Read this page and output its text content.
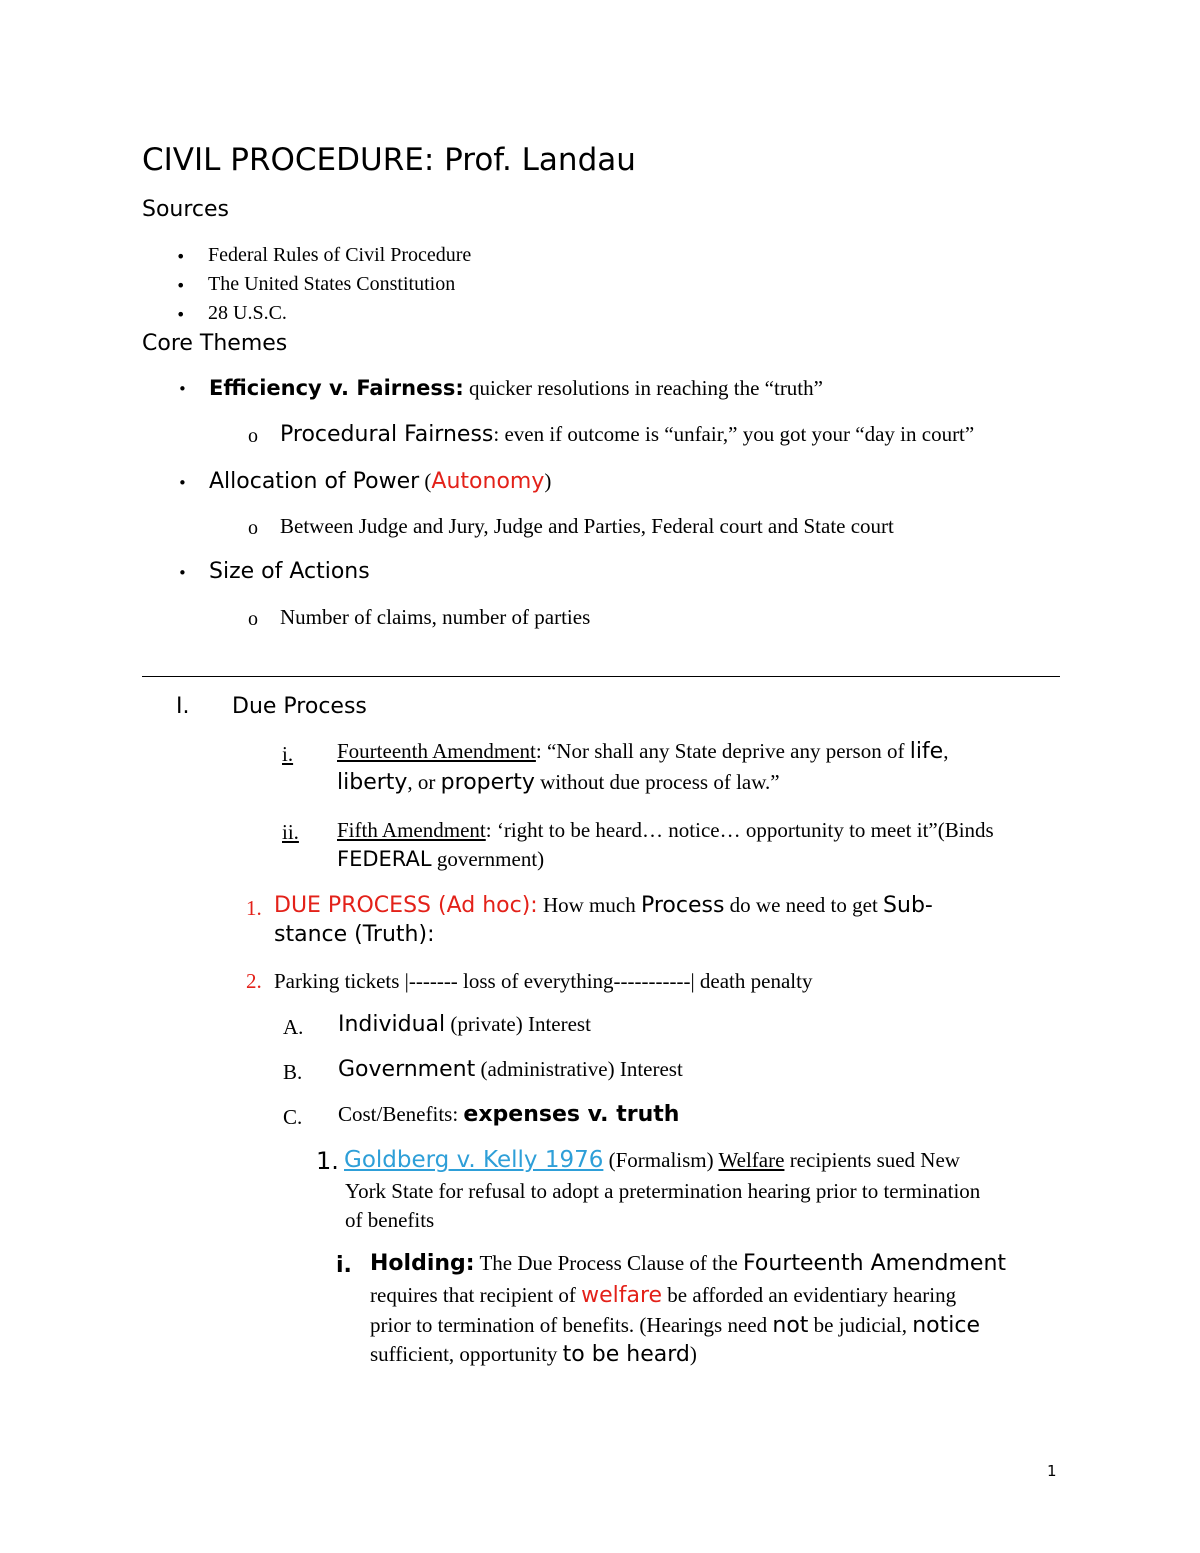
CIVIL PROCEDURE: Prof. Landau
Sources
• Federal Rules of Civil Procedure
• The United States Constitution
• 28 U.S.C.
Core Themes
• Efficiency v. Fairness: quicker resolutions in reaching the “truth”
o Procedural Fairness: even if outcome is “unfair,” you got your “day in court”
• Allocation of Power (Autonomy)
o Between Judge and Jury, Judge and Parties, Federal court and State court
• Size of Actions
o Number of claims, number of parties
I. Due Process
i.	Fourteenth Amendment: “Nor shall any State deprive any person of life,
liberty, or property without due process of law.”
ii.	Fifth Amendment: ‘right to be heard… notice… opportunity to meet it”(Binds
FEDERAL government)
1. DUE PROCESS (Ad hoc): How much Process do we need to get Sub-
stance (Truth):
2. Parking tickets |------- loss of everything-----------| death penalty
A. Individual (private) Interest
B. Government (administrative) Interest
C. Cost/Benefits: expenses v. truth
1. Goldberg v. Kelly 1976 (Formalism) Welfare recipients sued New
York State for refusal to adopt a pretermination hearing prior to termination
of benefits
i. Holding: The Due Process Clause of the Fourteenth Amendment
requires that recipient of welfare be afforded an evidentiary hearing
prior to termination of benefits. (Hearings need not be judicial, notice
sufficient, opportunity to be heard)
1
